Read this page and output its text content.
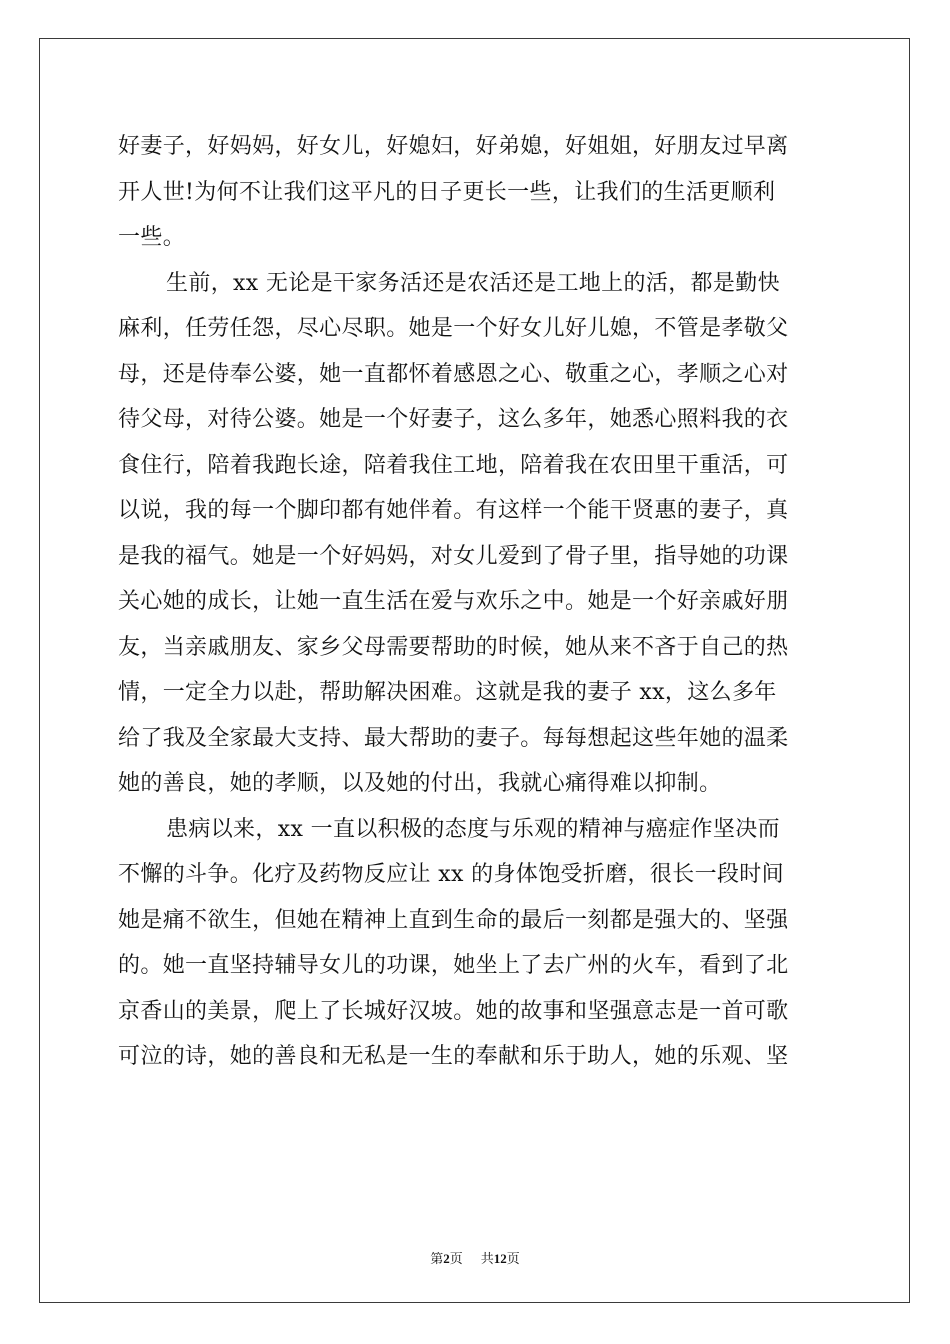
好妻子，好妈妈，好女儿，好媳妇，好弟媳，好姐姐，好朋友过早离
开人世!为何不让我们这平凡的日子更长一些，让我们的生活更顺利
一些。
生前，xx 无论是干家务活还是农活还是工地上的活，都是勤快
麻利，任劳任怨，尽心尽职。她是一个好女儿好儿媳，不管是孝敬父
母，还是侍奉公婆，她一直都怀着感恩之心、敬重之心，孝顺之心对
待父母，对待公婆。她是一个好妻子，这么多年，她悉心照料我的衣
食住行，陪着我跑长途，陪着我住工地，陪着我在农田里干重活，可
以说，我的每一个脚印都有她伴着。有这样一个能干贤惠的妻子，真
是我的福气。她是一个好妈妈，对女儿爱到了骨子里，指导她的功课
关心她的成长，让她一直生活在爱与欢乐之中。她是一个好亲戚好朋
友，当亲戚朋友、家乡父母需要帮助的时候，她从来不吝于自己的热
情，一定全力以赴，帮助解决困难。这就是我的妻子 xx，这么多年
给了我及全家最大支持、最大帮助的妻子。每每想起这些年她的温柔
她的善良，她的孝顺，以及她的付出，我就心痛得难以抑制。
患病以来，xx 一直以积极的态度与乐观的精神与癌症作坚决而
不懈的斗争。化疗及药物反应让 xx 的身体饱受折磨，很长一段时间
她是痛不欲生，但她在精神上直到生命的最后一刻都是强大的、坚强
的。她一直坚持辅导女儿的功课，她坐上了去广州的火车，看到了北
京香山的美景，爬上了长城好汉坡。她的故事和坚强意志是一首可歌
可泣的诗，她的善良和无私是一生的奉献和乐于助人，她的乐观、坚
第2页 共12页
